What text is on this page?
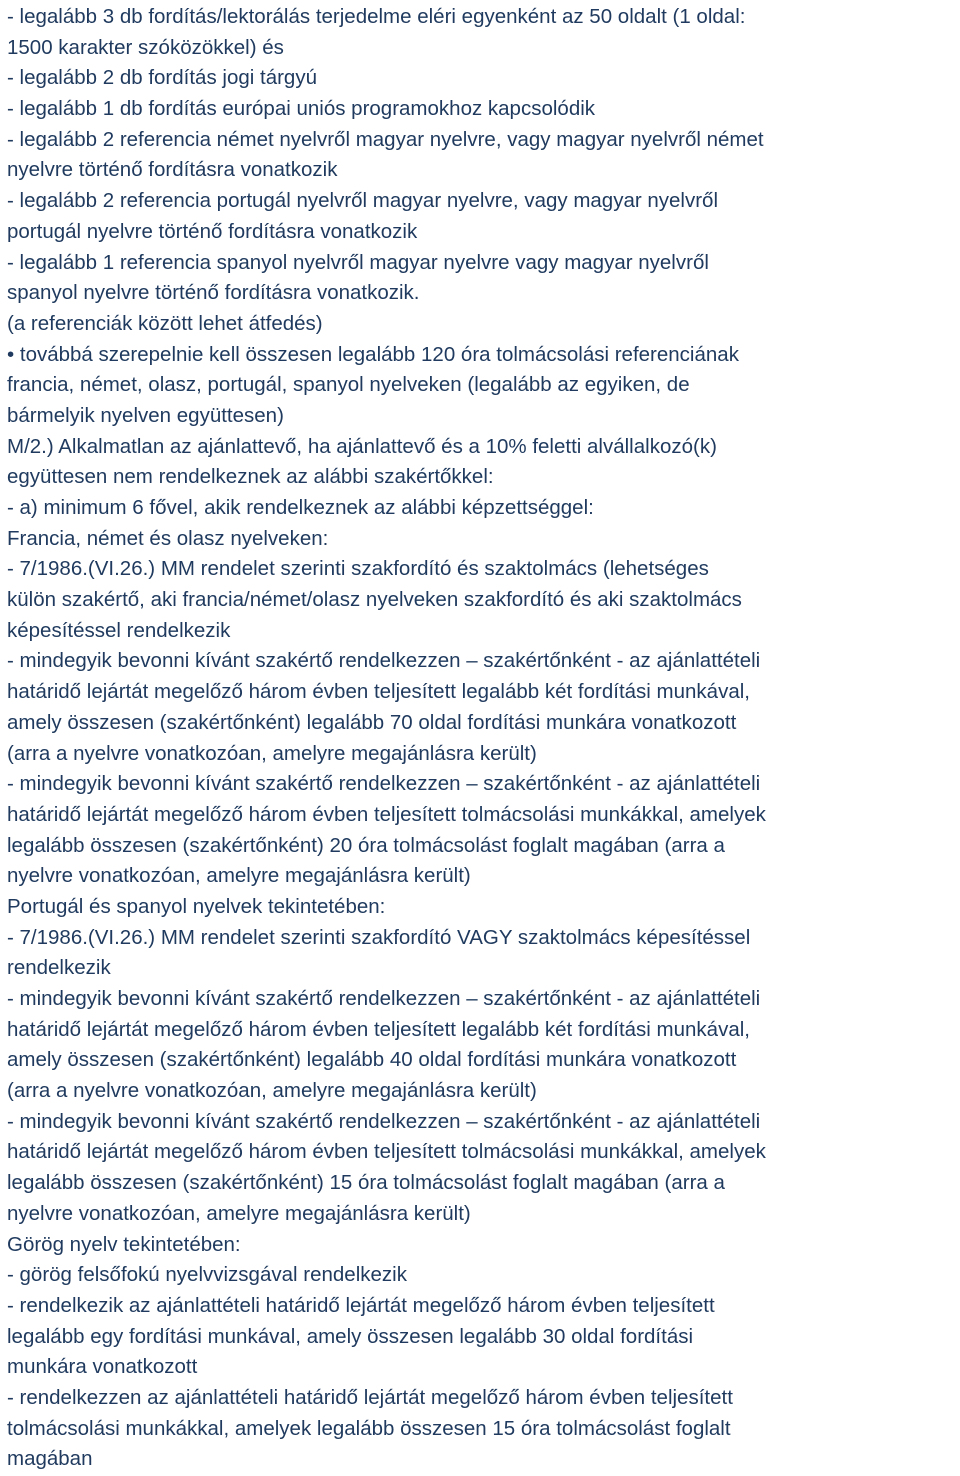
- legalább 3 db fordítás/lektorálás terjedelme eléri egyenként az 50 oldalt (1 oldal:
1500 karakter szóközökkel) és
- legalább 2 db fordítás jogi tárgyú
- legalább 1 db fordítás európai uniós programokhoz kapcsolódik
- legalább 2 referencia német nyelvről magyar nyelvre, vagy magyar nyelvről német
nyelvre történő fordításra vonatkozik
- legalább 2 referencia portugál nyelvről magyar nyelvre, vagy magyar nyelvről
portugál nyelvre történő fordításra vonatkozik
- legalább 1 referencia spanyol nyelvről magyar nyelvre vagy magyar nyelvről
spanyol nyelvre történő fordításra vonatkozik.
(a referenciák között lehet átfedés)
• továbbá szerepelnie kell összesen legalább 120 óra tolmácsolási referenciának
francia, német, olasz, portugál, spanyol nyelveken (legalább az egyiken, de
bármelyik nyelven együttesen)
M/2.) Alkalmatlan az ajánlattevő, ha ajánlattevő és a 10% feletti alvállalkozó(k)
együttesen nem rendelkeznek az alábbi szakértőkkel:
- a) minimum 6 fővel, akik rendelkeznek az alábbi képzettséggel:
Francia, német és olasz nyelveken:
- 7/1986.(VI.26.) MM rendelet szerinti szakfordító és szaktolmács (lehetséges
külön szakértő, aki francia/német/olasz nyelveken szakfordító és aki szaktolmács
képesítéssel rendelkezik
- mindegyik bevonni kívánt szakértő rendelkezzen – szakértőnként - az ajánlattételi
határidő lejártát megelőző három évben teljesített legalább két fordítási munkával,
amely összesen (szakértőnként) legalább 70 oldal fordítási munkára vonatkozott
(arra a nyelvre vonatkozóan, amelyre megajánlásra került)
- mindegyik bevonni kívánt szakértő rendelkezzen – szakértőnként - az ajánlattételi
határidő lejártát megelőző három évben teljesített tolmácsolási munkákkal, amelyek
legalább összesen (szakértőnként) 20 óra tolmácsolást foglalt magában (arra a
nyelvre vonatkozóan, amelyre megajánlásra került)
Portugál és spanyol nyelvek tekintetében:
- 7/1986.(VI.26.) MM rendelet szerinti szakfordító VAGY szaktolmács képesítéssel
rendelkezik
- mindegyik bevonni kívánt szakértő rendelkezzen – szakértőnként - az ajánlattételi
határidő lejártát megelőző három évben teljesített legalább két fordítási munkával,
amely összesen (szakértőnként) legalább 40 oldal fordítási munkára vonatkozott
(arra a nyelvre vonatkozóan, amelyre megajánlásra került)
- mindegyik bevonni kívánt szakértő rendelkezzen – szakértőnként - az ajánlattételi
határidő lejártát megelőző három évben teljesített tolmácsolási munkákkal, amelyek
legalább összesen (szakértőnként) 15 óra tolmácsolást foglalt magában (arra a
nyelvre vonatkozóan, amelyre megajánlásra került)
Görög nyelv tekintetében:
- görög felsőfokú nyelvvizsgával rendelkezik
- rendelkezik az ajánlattételi határidő lejártát megelőző három évben teljesített
legalább egy fordítási munkával, amely összesen legalább 30 oldal fordítási
munkára vonatkozott
- rendelkezzen az ajánlattételi határidő lejártát megelőző három évben teljesített
tolmácsolási munkákkal, amelyek legalább összesen 15 óra tolmácsolást foglalt
magában
